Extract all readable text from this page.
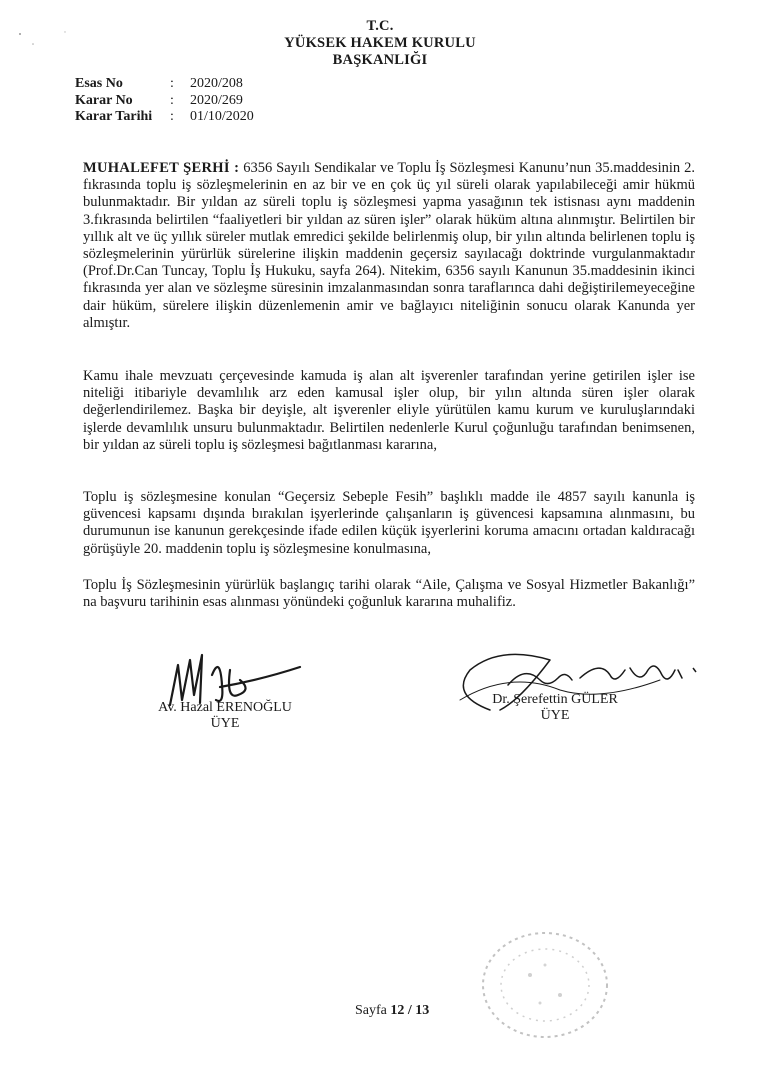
T.C.
YÜKSEK HAKEM KURULU
BAŞKANLIĞI
Esas No	:	2020/208
Karar No	:	2020/269
Karar Tarihi	:	01/10/2020
MUHALEFET ŞERHİ : 6356 Sayılı Sendikalar ve Toplu İş Sözleşmesi Kanunu’nun 35.maddesinin 2. fıkrasında toplu iş sözleşmelerinin en az bir ve en çok üç yıl süreli olarak yapılabileceği amir hükmü bulunmaktadır. Bir yıldan az süreli toplu iş sözleşmesi yapma yasağının tek istisnası aynı maddenin 3.fıkrasında belirtilen “faaliyetleri bir yıldan az süren işler” olarak hüküm altına alınmıştır. Belirtilen bir yıllık alt ve üç yıllık süreler mutlak emredici şekilde belirlenmiş olup, bir yılın altında belirlenen toplu iş sözleşmelerinin yürürlük sürelerine ilişkin maddenin geçersiz sayılacağı doktrinde vurgulanmaktadır (Prof.Dr.Can Tuncay, Toplu İş Hukuku, sayfa 264). Nitekim, 6356 sayılı Kanunun 35.maddesinin ikinci fıkrasında yer alan ve sözleşme süresinin imzalanmasından sonra taraflarınca dahi değiştirilemeyeceğine dair hüküm, sürelere ilişkin düzenlemenin amir ve bağlayıcı niteliğinin sonucu olarak Kanunda yer almıştır.
Kamu ihale mevzuatı çerçevesinde kamuda iş alan alt işverenler tarafından yerine getirilen işler ise niteliği itibariyle devamlılık arz eden kamusal işler olup, bir yılın altında süren işler olarak değerlendirilemez. Başka bir deyişle, alt işverenler eliyle yürütülen kamu kurum ve kuruluşlarındaki işlerde devamlılık unsuru bulunmaktadır. Belirtilen nedenlerle Kurul çoğunluğu tarafından benimsenen, bir yıldan az süreli toplu iş sözleşmesi bağıtlanması kararına,
Toplu iş sözleşmesine konulan “Geçersiz Sebeple Fesih” başlıklı madde ile 4857 sayılı kanunla iş güvencesi kapsamı dışında bırakılan işyerlerinde çalışanların iş güvencesi kapsamına alınmasını, bu durumunun ise kanunun gerekçesinde ifade edilen küçük işyerlerini koruma amacını ortadan kaldıracağı görüşüyle 20. maddenin toplu iş sözleşmesine konulmasına,
Toplu İş Sözleşmesinin yürürlük başlangıç tarihi olarak “Aile, Çalışma ve Sosyal Hizmetler Bakanlığı” na başvuru tarihinin esas alınması yönündeki çoğunluk kararına muhalifiz.
Av. Hazal ERENOĞLU
ÜYE
Dr. Şerefettin GÜLER
ÜYE
Sayfa 12 / 13
